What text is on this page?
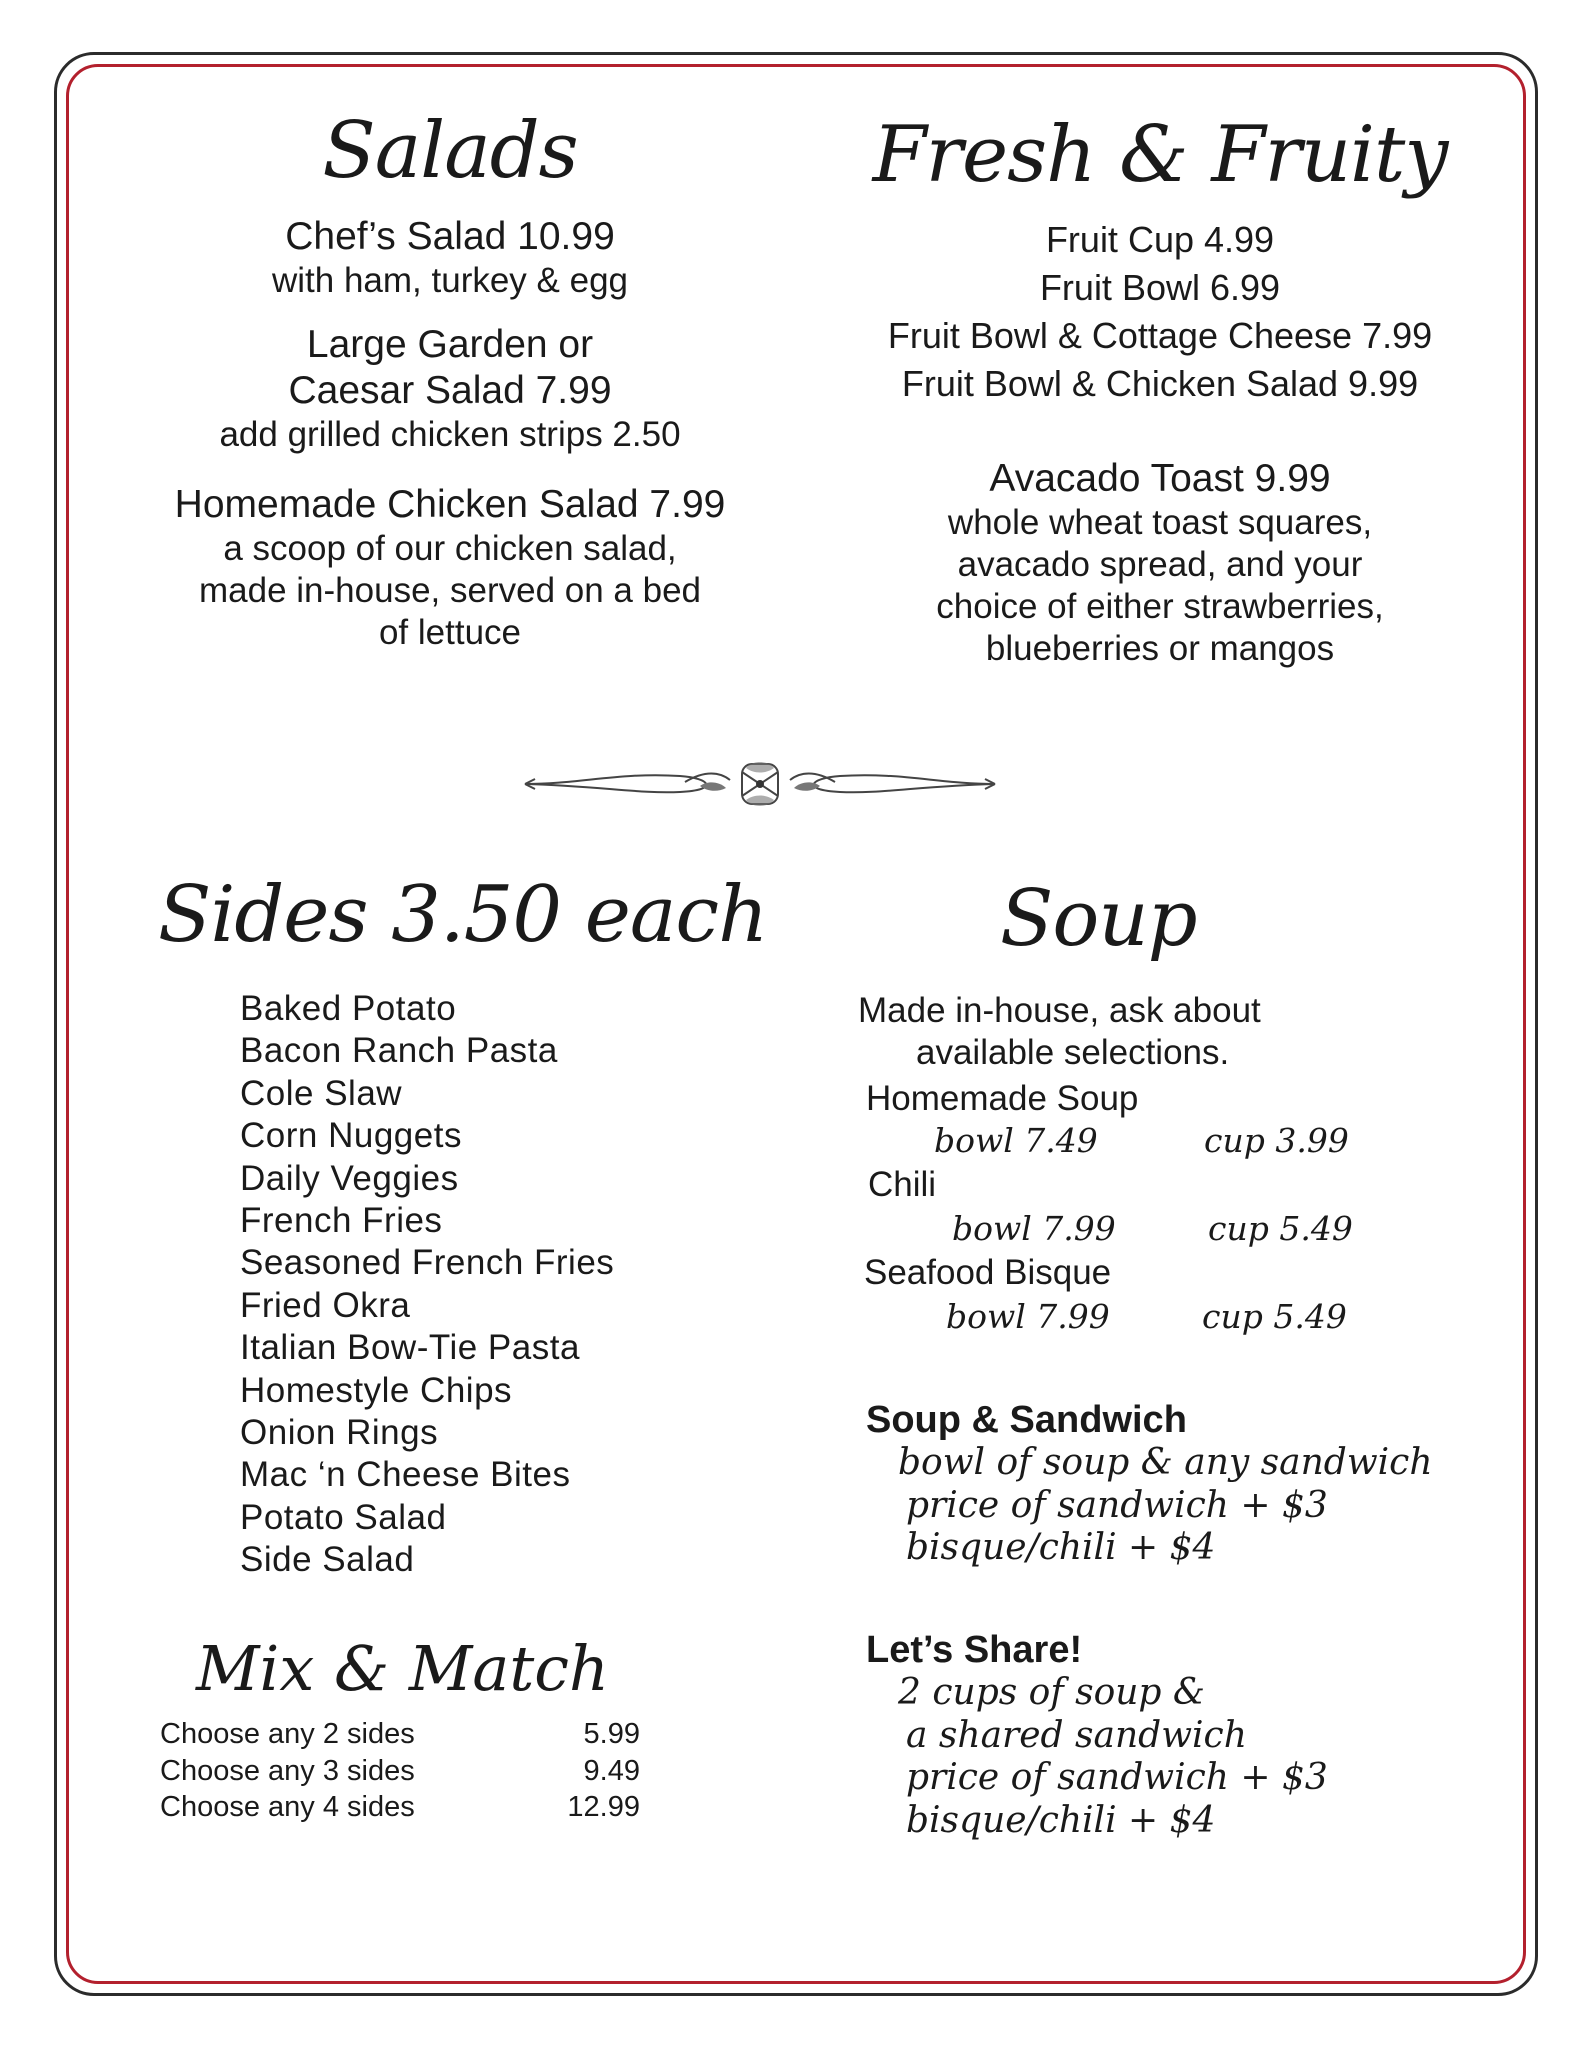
Salads
Chef’s Salad 10.99
with ham, turkey & egg
Large Garden or
Caesar Salad 7.99
add grilled chicken strips 2.50
Homemade Chicken Salad 7.99
a scoop of our chicken salad,
made in-house, served on a bed
of lettuce
Fresh & Fruity
Fruit Cup 4.99
Fruit Bowl 6.99
Fruit Bowl & Cottage Cheese 7.99
Fruit Bowl & Chicken Salad 9.99
Avacado Toast 9.99
whole wheat toast squares,
avacado spread, and your
choice of either strawberries,
blueberries or mangos
Sides 3.50 each
Baked Potato
Bacon Ranch Pasta
Cole Slaw
Corn Nuggets
Daily Veggies
French Fries
Seasoned French Fries
Fried Okra
Italian Bow-Tie Pasta
Homestyle Chips
Onion Rings
Mac ‘n Cheese Bites
Potato Salad
Side Salad
Mix & Match
Choose any 2 sides	5.99
Choose any 3 sides	9.49
Choose any 4 sides	12.99
Soup
Made in-house, ask about
available selections.
Homemade Soup
bowl 7.49	cup 3.99
Chili
bowl 7.99	cup 5.49
Seafood Bisque
bowl 7.99	cup 5.49
Soup & Sandwich
bowl of soup & any sandwich
price of sandwich + $3
bisque/chili + $4
Let’s Share!
2 cups of soup &
a shared sandwich
price of sandwich + $3
bisque/chili + $4
